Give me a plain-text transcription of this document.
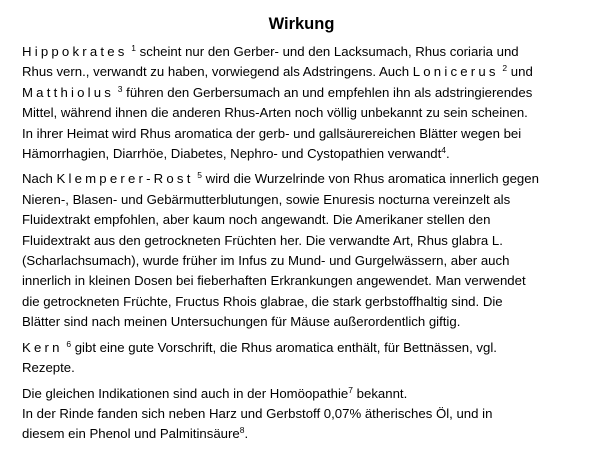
Wirkung

Hippokrates $^1$ scheint nur den Gerber- und den Lacksumach, Rhus coriaria und
Rhus vern., verwandt zu haben, vorwiegend als Adstringens. Auch Lonicerus $^2$ und
Matthiolus $^3$ führen den Gerbersumach an und empfehlen ihn als adstringierendes
Mittel, während ihnen die anderen Rhus-Arten noch völlig unbekannt zu sein scheinen.
In ihrer Heimat wird Rhus aromatica der gerb- und gallsäurereichen Blätter wegen bei
Hämorrhagien, Diarrhöe, Diabetes, Nephro- und Cystopathien verwandt$^4$.

Nach Klemperer-Rost $^5$ wird die Wurzelrinde von Rhus aromatica innerlich gegen
Nieren-, Blasen- und Gebärmutterblutungen, sowie Enuresis nocturna vereinzelt als
Fluidextrakt empfohlen, aber kaum noch angewandt. Die Amerikaner stellen den
Fluidextrakt aus den getrockneten Früchten her. Die verwandte Art, Rhus glabra L.
(Scharlachsumach), wurde früher im Infus zu Mund- und Gurgelwässern, aber auch
innerlich in kleinen Dosen bei fieberhaften Erkrankungen angewendet. Man verwendet
die getrockneten Früchte, Fructus Rhois glabrae, die stark gerbstoffhaltig sind. Die
Blätter sind nach meinen Untersuchungen für Mäuse außerordentlich giftig.

Kern $^6$ gibt eine gute Vorschrift, die Rhus aromatica enthält, für Bettnässen, vgl.
Rezepte.

Die gleichen Indikationen sind auch in der Homöopathie$^7$ bekannt.
In der Rinde fanden sich neben Harz und Gerbstoff 0,07% ätherisches Öl, und in
diesem ein Phenol und Palmitinsäure$^8$.
